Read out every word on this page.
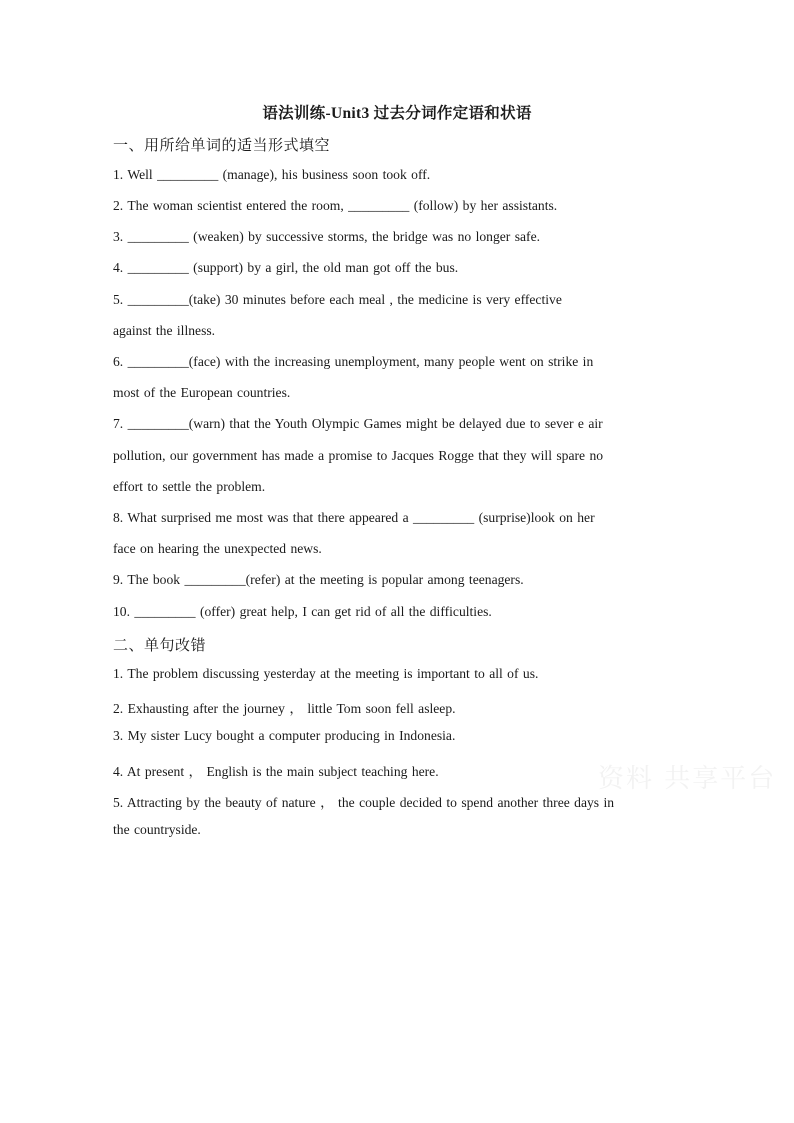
语法训练-Unit3 过去分词作定语和状语
一、用所给单词的适当形式填空
1. Well _________ (manage), his business soon took off.
2. The woman scientist entered the room, _________ (follow) by her assistants.
3. _________ (weaken) by successive storms, the bridge was no longer safe.
4. _________ (support) by a girl, the old man got off the bus.
5. _________(take) 30 minutes before each meal , the medicine is very effective
against the illness.
6. _________(face) with the increasing unemployment, many people went on strike in
most of the European countries.
7. _________(warn) that the Youth Olympic Games might be delayed due to sever e air
pollution, our government has made a promise to Jacques Rogge that they will spare no
effort to settle the problem.
8. What surprised me most was that there appeared a _________ (surprise)look on her
face on hearing the unexpected news.
9. The book _________(refer) at the meeting is popular among teenagers.
10. _________ (offer) great help, I can get rid of all the difficulties.
二、单句改错
1. The problem discussing yesterday at the meeting is important to all of us.
2. Exhausting after the journey ， little Tom soon fell asleep.
3. My sister Lucy bought a computer producing in Indonesia.
4. At present ， English is the main subject teaching here.
5. Attracting by the beauty of nature ， the couple decided to spend another three days in
the countryside.
资料 共享平台
